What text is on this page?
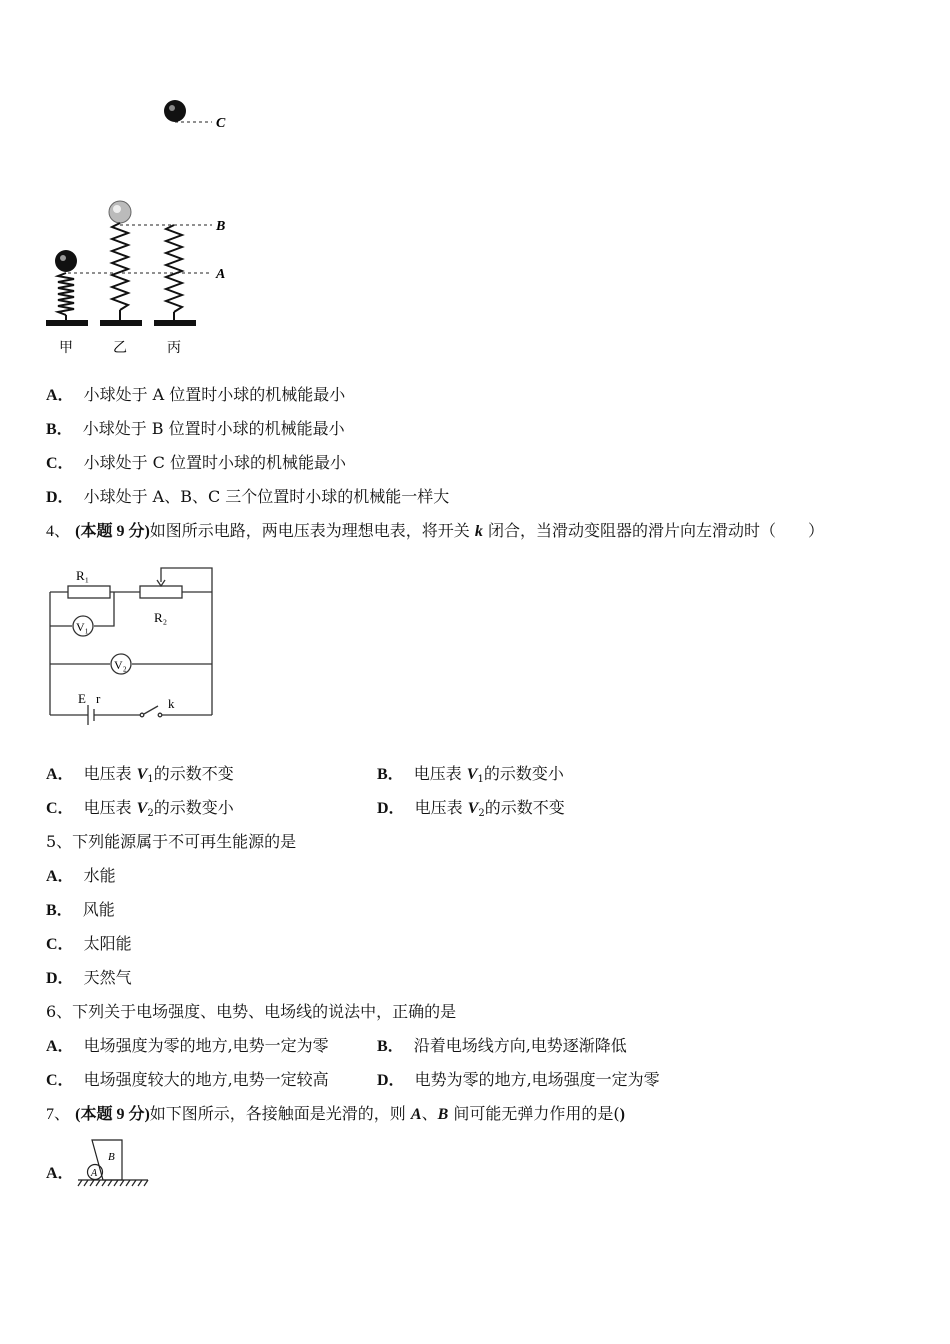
C
B
A
甲	乙	丙
A． 小球处于 A 位置时小球的机械能最小
B． 小球处于 B 位置时小球的机械能最小
C． 小球处于 C 位置时小球的机械能最小
D． 小球处于 A、B、C 三个位置时小球的机械能一样大
4、 (本题 9 分)如图所示电路，两电压表为理想电表，将开关 k 闭合，当滑动变阻器的滑片向左滑动时（　　）
R₁
R₂
V₁
V₂
E r	k
A． 电压表 $V_1$的示数不变	B． 电压表 $V_1$的示数变小
C． 电压表 $V_2$的示数变小	D． 电压表 $V_2$的示数不变
5、下列能源属于不可再生能源的是
A． 水能
B． 风能
C． 太阳能
D． 天然气
6、下列关于电场强度、电势、电场线的说法中，正确的是
A． 电场强度为零的地方,电势一定为零	B． 沿着电场线方向,电势逐渐降低
C． 电场强度较大的地方,电势一定较高	D． 电势为零的地方,电场强度一定为零
7、 (本题 9 分)如下图所示，各接触面是光滑的，则 A、B 间可能无弹力作用的是()
A．	A
B
